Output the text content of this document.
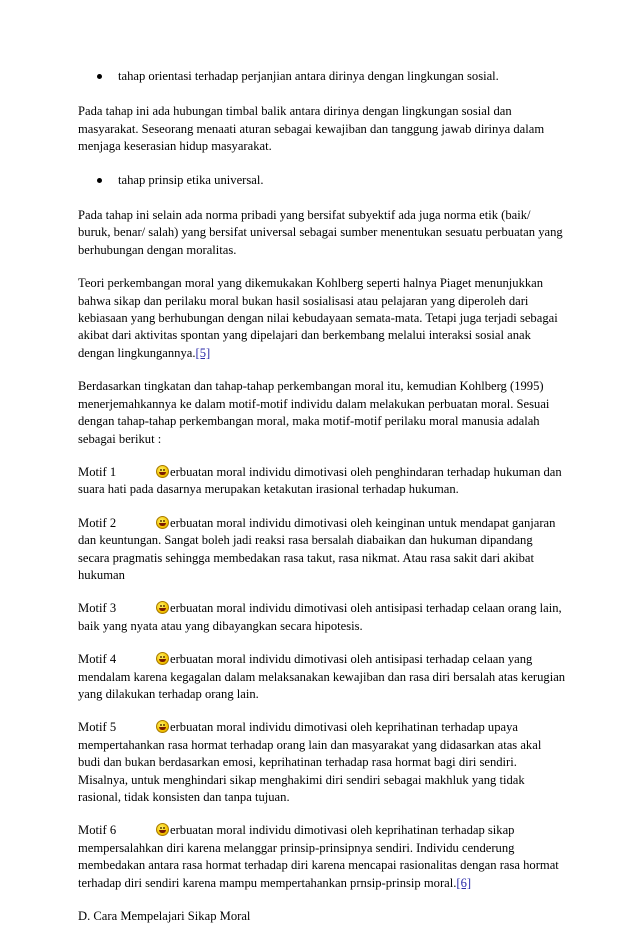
tahap orientasi terhadap perjanjian antara dirinya dengan lingkungan sosial.

Pada tahap ini ada hubungan timbal balik antara dirinya dengan lingkungan sosial dan masyarakat. Seseorang menaati aturan sebagai kewajiban dan tanggung jawab dirinya dalam menjaga keserasian hidup masyarakat.

tahap prinsip etika universal.

Pada tahap ini selain ada norma pribadi yang bersifat subyektif ada juga norma etik (baik/ buruk, benar/ salah) yang bersifat universal sebagai sumber menentukan sesuatu perbuatan yang berhubungan dengan moralitas.

Teori perkembangan moral yang dikemukakan Kohlberg seperti halnya Piaget menunjukkan bahwa sikap dan perilaku moral bukan hasil sosialisasi atau pelajaran yang diperoleh dari kebiasaan yang berhubungan dengan nilai kebudayaan semata-mata. Tetapi juga terjadi sebagai akibat dari aktivitas spontan yang dipelajari dan berkembang melalui interaksi sosial anak dengan lingkungannya.[5]

Berdasarkan tingkatan dan tahap-tahap perkembangan moral itu, kemudian Kohlberg (1995) menerjemahkannya ke dalam motif-motif individu dalam melakukan perbuatan moral. Sesuai dengan tahap-tahap perkembangan moral, maka motif-motif perilaku moral manusia adalah sebagai berikut :

Motif 1	erbuatan moral individu dimotivasi oleh penghindaran terhadap hukuman dan suara hati pada dasarnya merupakan ketakutan irasional terhadap hukuman.
Motif 2	erbuatan moral individu dimotivasi oleh keinginan untuk mendapat ganjaran dan keuntungan. Sangat boleh jadi reaksi rasa bersalah diabaikan dan hukuman dipandang secara pragmatis sehingga membedakan rasa takut, rasa nikmat. Atau rasa sakit dari akibat hukuman
Motif 3	erbuatan moral individu dimotivasi oleh antisipasi terhadap celaan orang lain, baik yang nyata atau yang dibayangkan secara hipotesis.
Motif 4	erbuatan moral individu dimotivasi oleh antisipasi terhadap celaan yang mendalam karena kegagalan dalam melaksanakan kewajiban dan rasa diri bersalah atas kerugian yang dilakukan terhadap orang lain.
Motif 5	erbuatan moral individu dimotivasi oleh keprihatinan terhadap upaya mempertahankan rasa hormat terhadap orang lain dan masyarakat yang didasarkan atas akal budi dan bukan berdasarkan emosi, keprihatinan terhadap rasa hormat bagi diri sendiri. Misalnya, untuk menghindari sikap menghakimi diri sendiri sebagai makhluk yang tidak rasional, tidak konsisten dan tanpa tujuan.
Motif 6	erbuatan moral individu dimotivasi oleh keprihatinan terhadap sikap mempersalahkan diri karena melanggar prinsip-prinsipnya sendiri. Individu cenderung membedakan antara rasa hormat terhadap diri karena mencapai rasionalitas dengan rasa hormat terhadap diri sendiri karena mampu mempertahankan prnsip-prinsip moral.[6]

D. Cara Mempelajari Sikap Moral
